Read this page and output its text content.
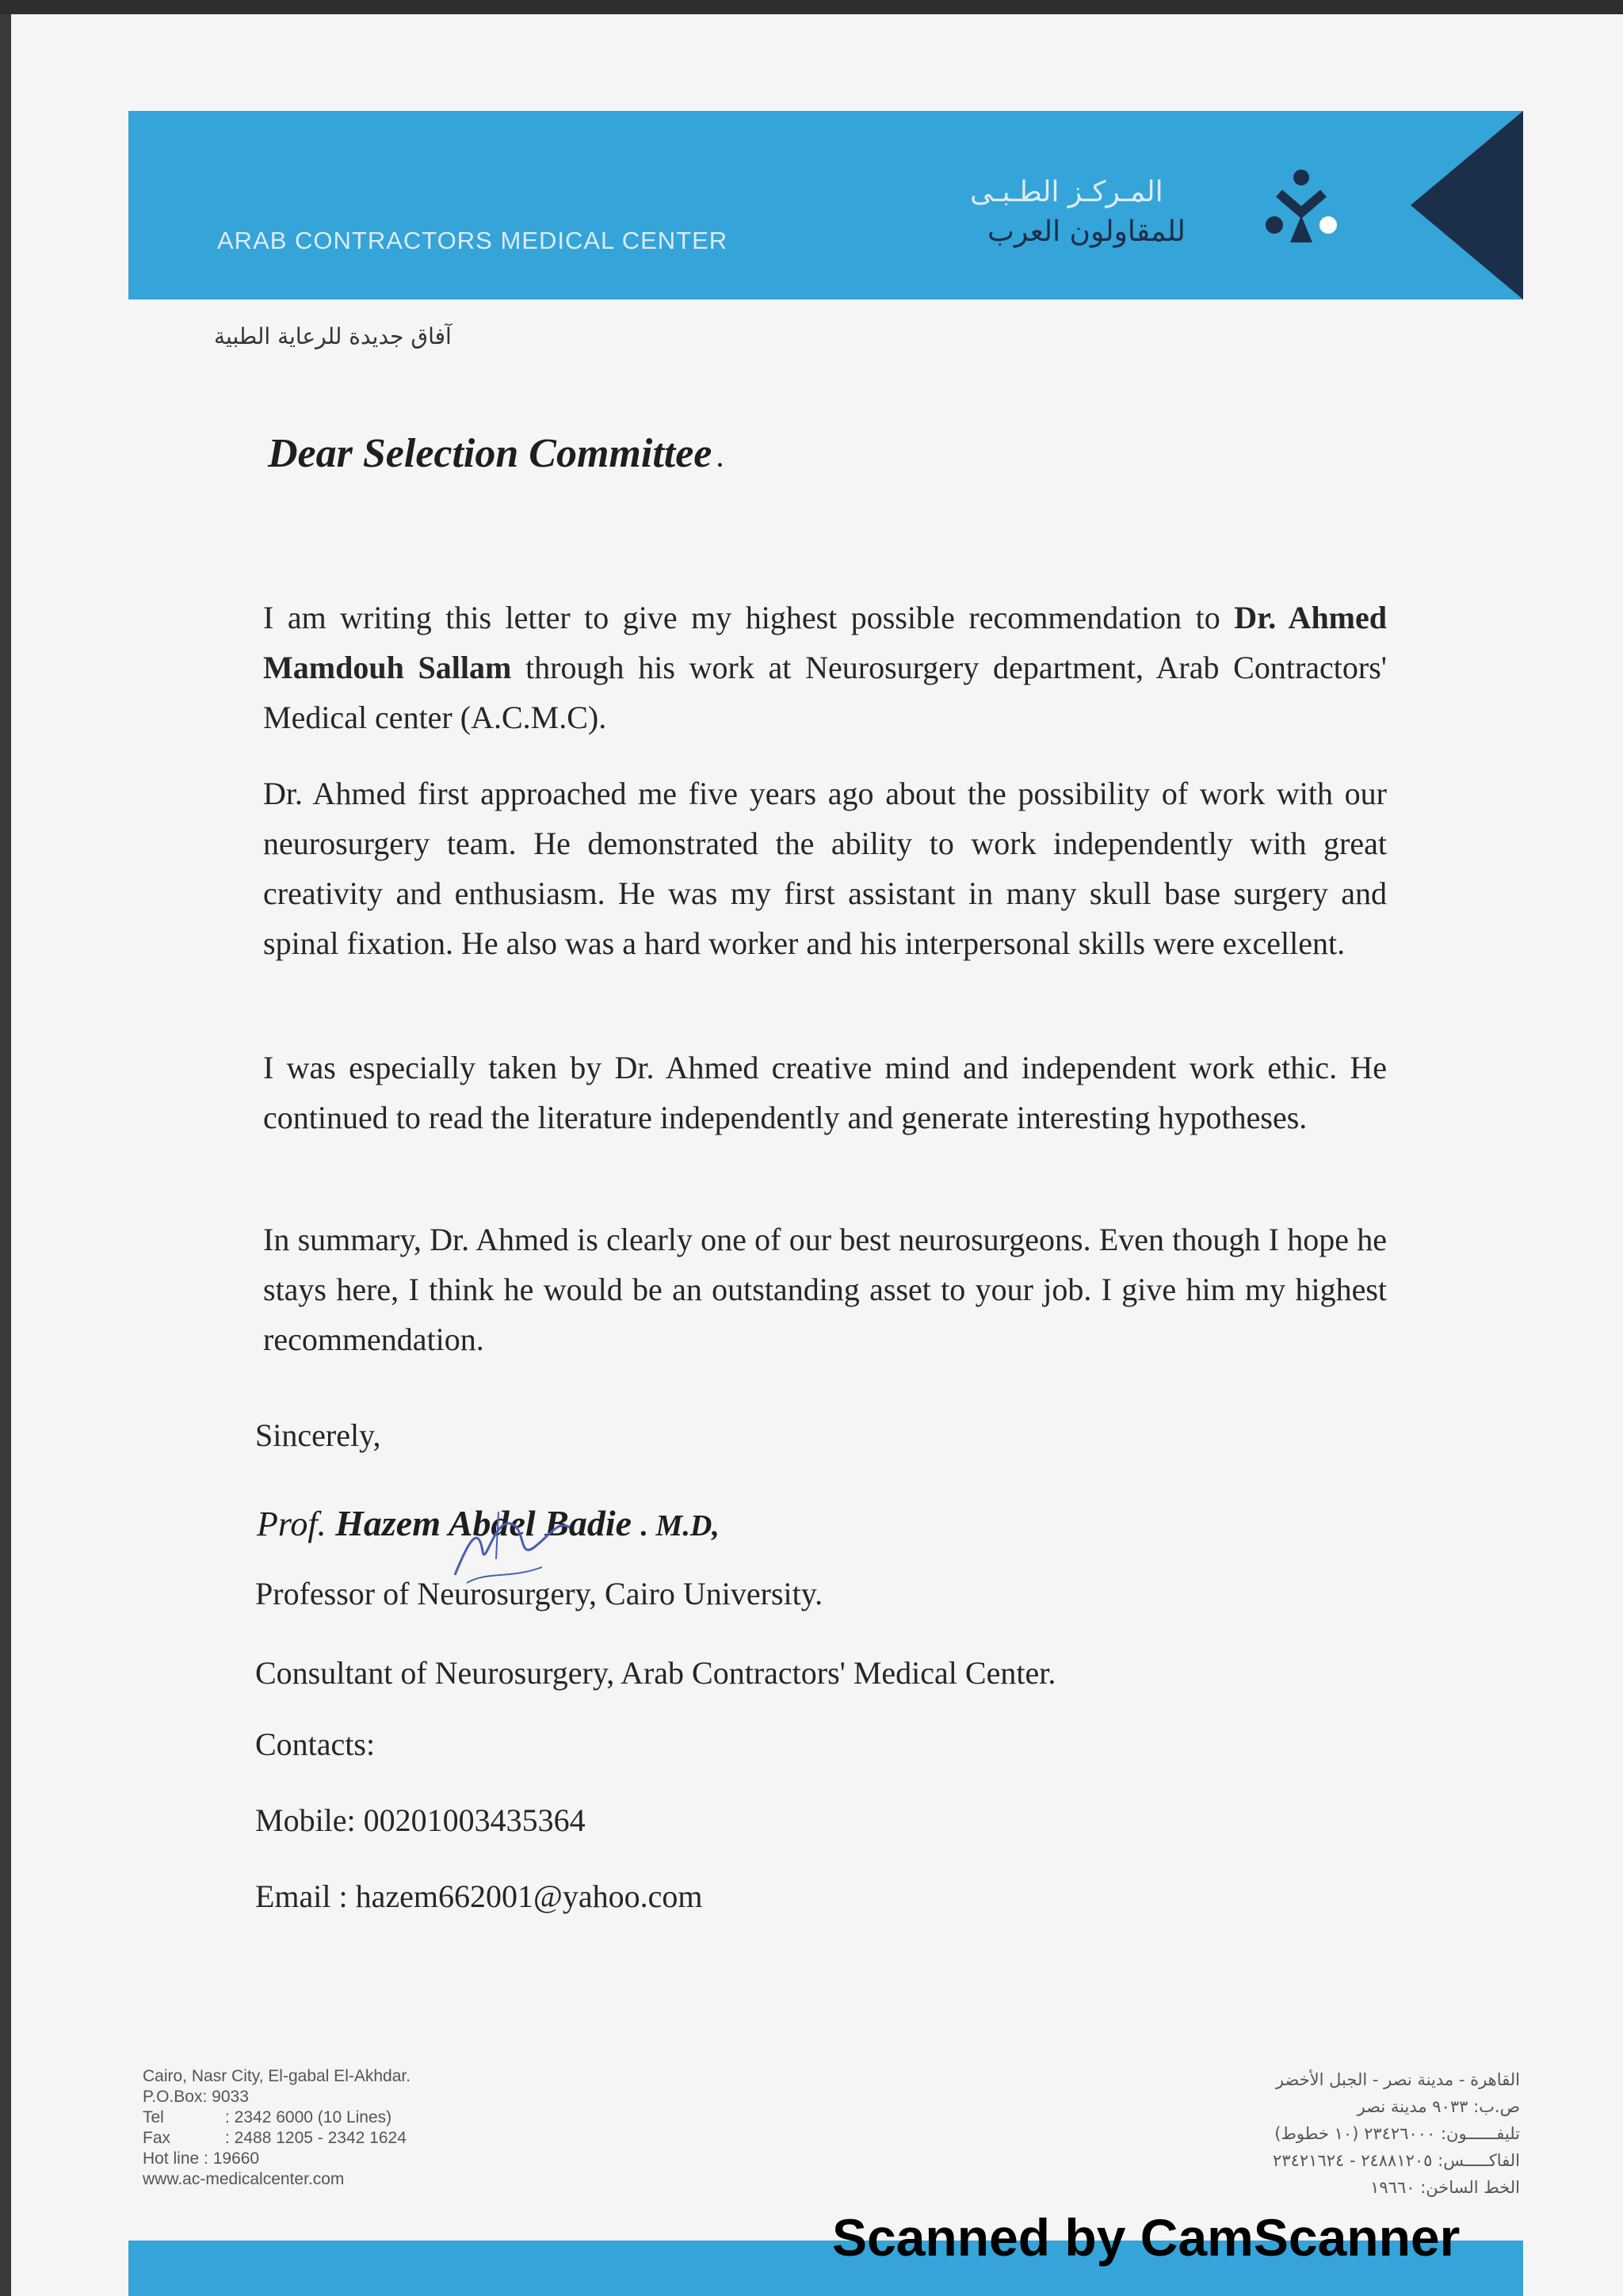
ARAB CONTRACTORS MEDICAL CENTER
المـركـز الطـبـى
للمقاولون العرب
آفاق جديدة للرعاية الطبية
Dear Selection Committee .

I am writing this letter to give my highest possible recommendation to Dr. Ahmed Mamdouh Sallam through his work at Neurosurgery department, Arab Contractors' Medical center (A.C.M.C).

Dr. Ahmed first approached me five years ago about the possibility of work with our neurosurgery team. He demonstrated the ability to work independently with great creativity and enthusiasm. He was my first assistant in many skull base surgery and spinal fixation. He also was a hard worker and his interpersonal skills were excellent.

I was especially taken by Dr. Ahmed creative mind and independent work ethic. He continued to read the literature independently and generate interesting hypotheses.

In summary, Dr. Ahmed is clearly one of our best neurosurgeons. Even though I hope he stays here, I think he would be an outstanding asset to your job. I give him my highest recommendation.

Sincerely,

Prof. Hazem Abdel Badie . M.D,

Professor of Neurosurgery, Cairo University.

Consultant of Neurosurgery, Arab Contractors' Medical Center.

Contacts:

Mobile: 00201003435364

Email : hazem662001@yahoo.com

Cairo, Nasr City, El-gabal El-Akhdar.
P.O.Box: 9033
Tel	: 2342 6000 (10 Lines)
Fax	: 2488 1205 - 2342 1624
Hot line : 19660
www.ac-medicalcenter.com
القاهرة - مدينة نصر - الجبل الأخضر
ص.ب: ٩٠٣٣ مدينة نصر
تليفــــــون: ٢٣٤٢٦٠٠٠ (١٠ خطوط)
الفاكـــــس: ٢٤٨٨١٢٠٥ - ٢٣٤٢١٦٢٤
الخط الساخن: ١٩٦٦٠
Scanned by CamScanner
